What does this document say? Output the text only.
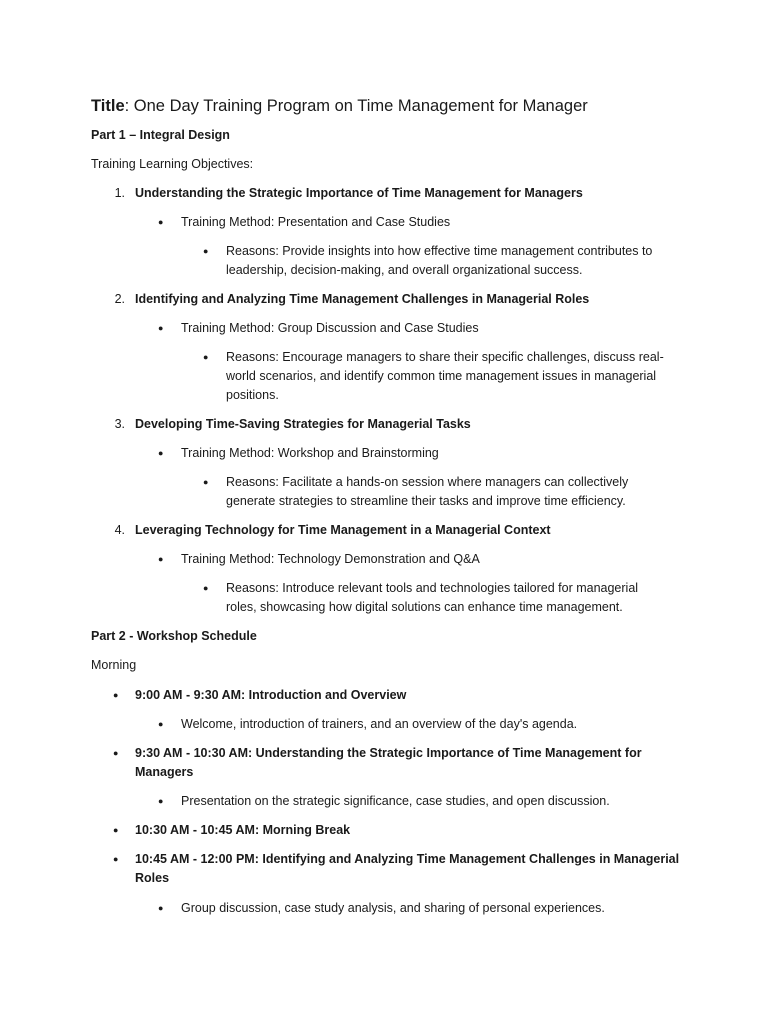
Title: One Day Training Program on Time Management for Manager
Part 1 – Integral Design
Training Learning Objectives:
1. Understanding the Strategic Importance of Time Management for Managers
● Training Method: Presentation and Case Studies
● Reasons: Provide insights into how effective time management contributes to
leadership, decision-making, and overall organizational success.
2. Identifying and Analyzing Time Management Challenges in Managerial Roles
● Training Method: Group Discussion and Case Studies
● Reasons: Encourage managers to share their specific challenges, discuss real-
world scenarios, and identify common time management issues in managerial
positions.
3. Developing Time-Saving Strategies for Managerial Tasks
● Training Method: Workshop and Brainstorming
● Reasons: Facilitate a hands-on session where managers can collectively
generate strategies to streamline their tasks and improve time efficiency.
4. Leveraging Technology for Time Management in a Managerial Context
● Training Method: Technology Demonstration and Q&A
● Reasons: Introduce relevant tools and technologies tailored for managerial
roles, showcasing how digital solutions can enhance time management.
Part 2 - Workshop Schedule
Morning
● 9:00 AM - 9:30 AM: Introduction and Overview
● Welcome, introduction of trainers, and an overview of the day's agenda.
● 9:30 AM - 10:30 AM: Understanding the Strategic Importance of Time Management for
Managers
● Presentation on the strategic significance, case studies, and open discussion.
● 10:30 AM - 10:45 AM: Morning Break
● 10:45 AM - 12:00 PM: Identifying and Analyzing Time Management Challenges in Managerial
Roles
● Group discussion, case study analysis, and sharing of personal experiences.
